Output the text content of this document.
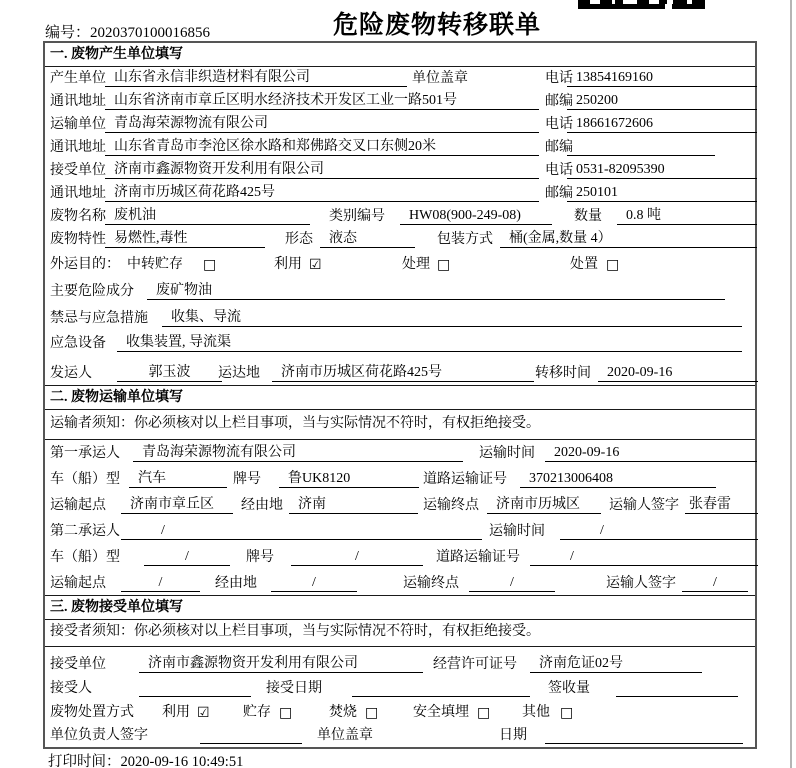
编号：2020370100016856	危险废物转移联单
一. 废物产生单位填写
产生单位 山东省永信非织造材料有限公司	单位盖章	电话 13854169160
通讯地址 山东省济南市章丘区明水经济技术开发区工业一路501号	邮编 250200
运输单位 青岛海荣源物流有限公司	电话 18661672606
通讯地址 山东省青岛市李沧区徐水路和郑佛路交叉口东侧20米	邮编
接受单位 济南市鑫源物资开发利用有限公司	电话 0531-82095390
通讯地址 济南市历城区荷花路425号	邮编 250101
废物名称 废机油	类别编号	HW08(900-249-08)	数量	0.8 吨
废物特性 易燃性,毒性	形态	液态	包装方式	桶(金属,数量 4）
外运目的： 中转贮存 □	利用 ☑	处理 □	处置 □
主要危险成分	废矿物油
禁忌与应急措施	收集、导流
应急设备	收集装置, 导流渠
发运人	郭玉波	运达地	济南市历城区荷花路425号	转移时间	2020-09-16
二. 废物运输单位填写
运输者须知：你必须核对以上栏目事项，当与实际情况不符时，有权拒绝接受。
第一承运人	青岛海荣源物流有限公司	运输时间	2020-09-16
车（船）型	汽车	牌号	鲁UK8120	道路运输证号	370213006408
运输起点	济南市章丘区	经由地	济南	运输终点	济南市历城区	运输人签字 张春雷
第二承运人	/	运输时间	/
车（船）型	/	牌号	/	道路运输证号	/
运输起点	/	经由地	/	运输终点	/	运输人签字	/
三. 废物接受单位填写
接受者须知：你必须核对以上栏目事项，当与实际情况不符时，有权拒绝接受。
接受单位	济南市鑫源物资开发利用有限公司	经营许可证号	济南危证02号
接受人	接受日期	签收量
废物处置方式 利用 ☑ 贮存 □	焚烧 □ 安全填埋 □ 其他 □
单位负责人签字	单位盖章	日期
打印时间：2020-09-16 10:49:51
